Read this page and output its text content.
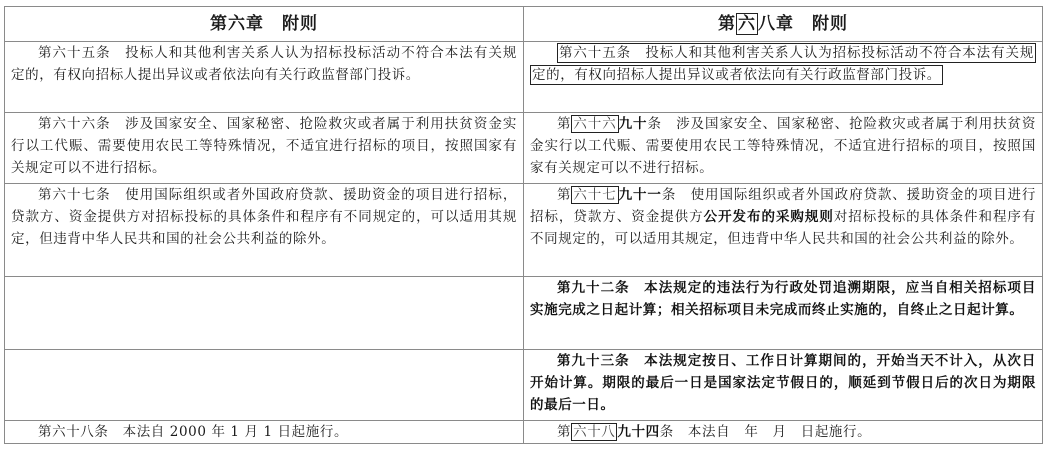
第六章　附则	第 六 八章　附则

第六十五条　投标人和其他利害关系人认为招标投标活动不符合本法有关规定的，有权向招标人提出异议或者依法向有关行政监督部门投诉。	第六十五条　投标人和其他利害关系人认为招标投标活动不符合本法有关规定的，有权向招标人提出异议或者依法向有关行政监督部门投诉。

第六十六条　涉及国家安全、国家秘密、抢险救灾或者属于利用扶贫资金实行以工代赈、需要使用农民工等特殊情况，不适宜进行招标的项目，按照国家有关规定可以不进行招标。	第 六十六 九十条　涉及国家安全、国家秘密、抢险救灾或者属于利用扶贫资金实行以工代赈、需要使用农民工等特殊情况，不适宜进行招标的项目，按照国家有关规定可以不进行招标。

第六十七条　使用国际组织或者外国政府贷款、援助资金的项目进行招标，贷款方、资金提供方对招标投标的具体条件和程序有不同规定的，可以适用其规定，但违背中华人民共和国的社会公共利益的除外。	第 六十七 九十一条　使用国际组织或者外国政府贷款、援助资金的项目进行招标，贷款方、资金提供方公开发布的采购规则对招标投标的具体条件和程序有不同规定的，可以适用其规定，但违背中华人民共和国的社会公共利益的除外。

	第九十二条　本法规定的违法行为行政处罚追溯期限，应当自相关招标项目实施完成之日起计算；相关招标项目未完成而终止实施的，自终止之日起计算。

	第九十三条　本法规定按日、工作日计算期间的，开始当天不计入，从次日开始计算。期限的最后一日是国家法定节假日的，顺延到节假日后的次日为期限的最后一日。

第六十八条　本法自 2000 年 1 月 1 日起施行。	第 六十八 九十四条　本法自　年　月　日起施行。
